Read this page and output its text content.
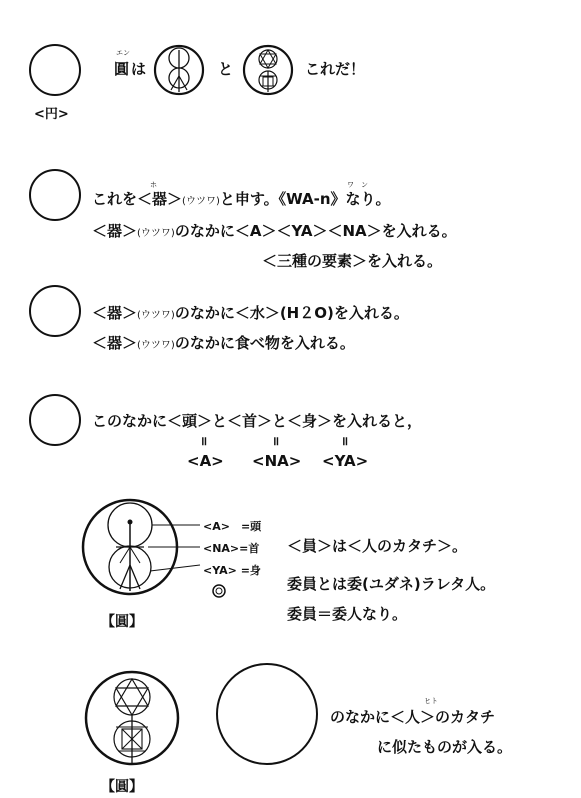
<円>
エン
圓 は	と	これだ！
ホ	ワ　ン
これを＜器＞(ウツワ)と申す。《WA-n》なり。
＜器＞(ウツワ)のなかに＜A＞＜YA＞＜NA＞を入れる。
＜三種の要素＞を入れる。
＜器＞(ウツワ)のなかに＜水＞(H２O)を入れる。
＜器＞(ウツワ)のなかに食べ物を入れる。
このなかに＜頭＞と＜首＞と＜身＞を入れると，
॥	॥	॥
<A> <NA> <YA>
<A>　=頭
<NA>=首
<YA> =身
【圓】
＜員＞は＜人のカタチ＞。
委員とは委(ユダネ)ラレタ人。
委員＝委人なり。
【圓】
ヒト
のなかに＜人＞のカタチ
に似たものが入る。
